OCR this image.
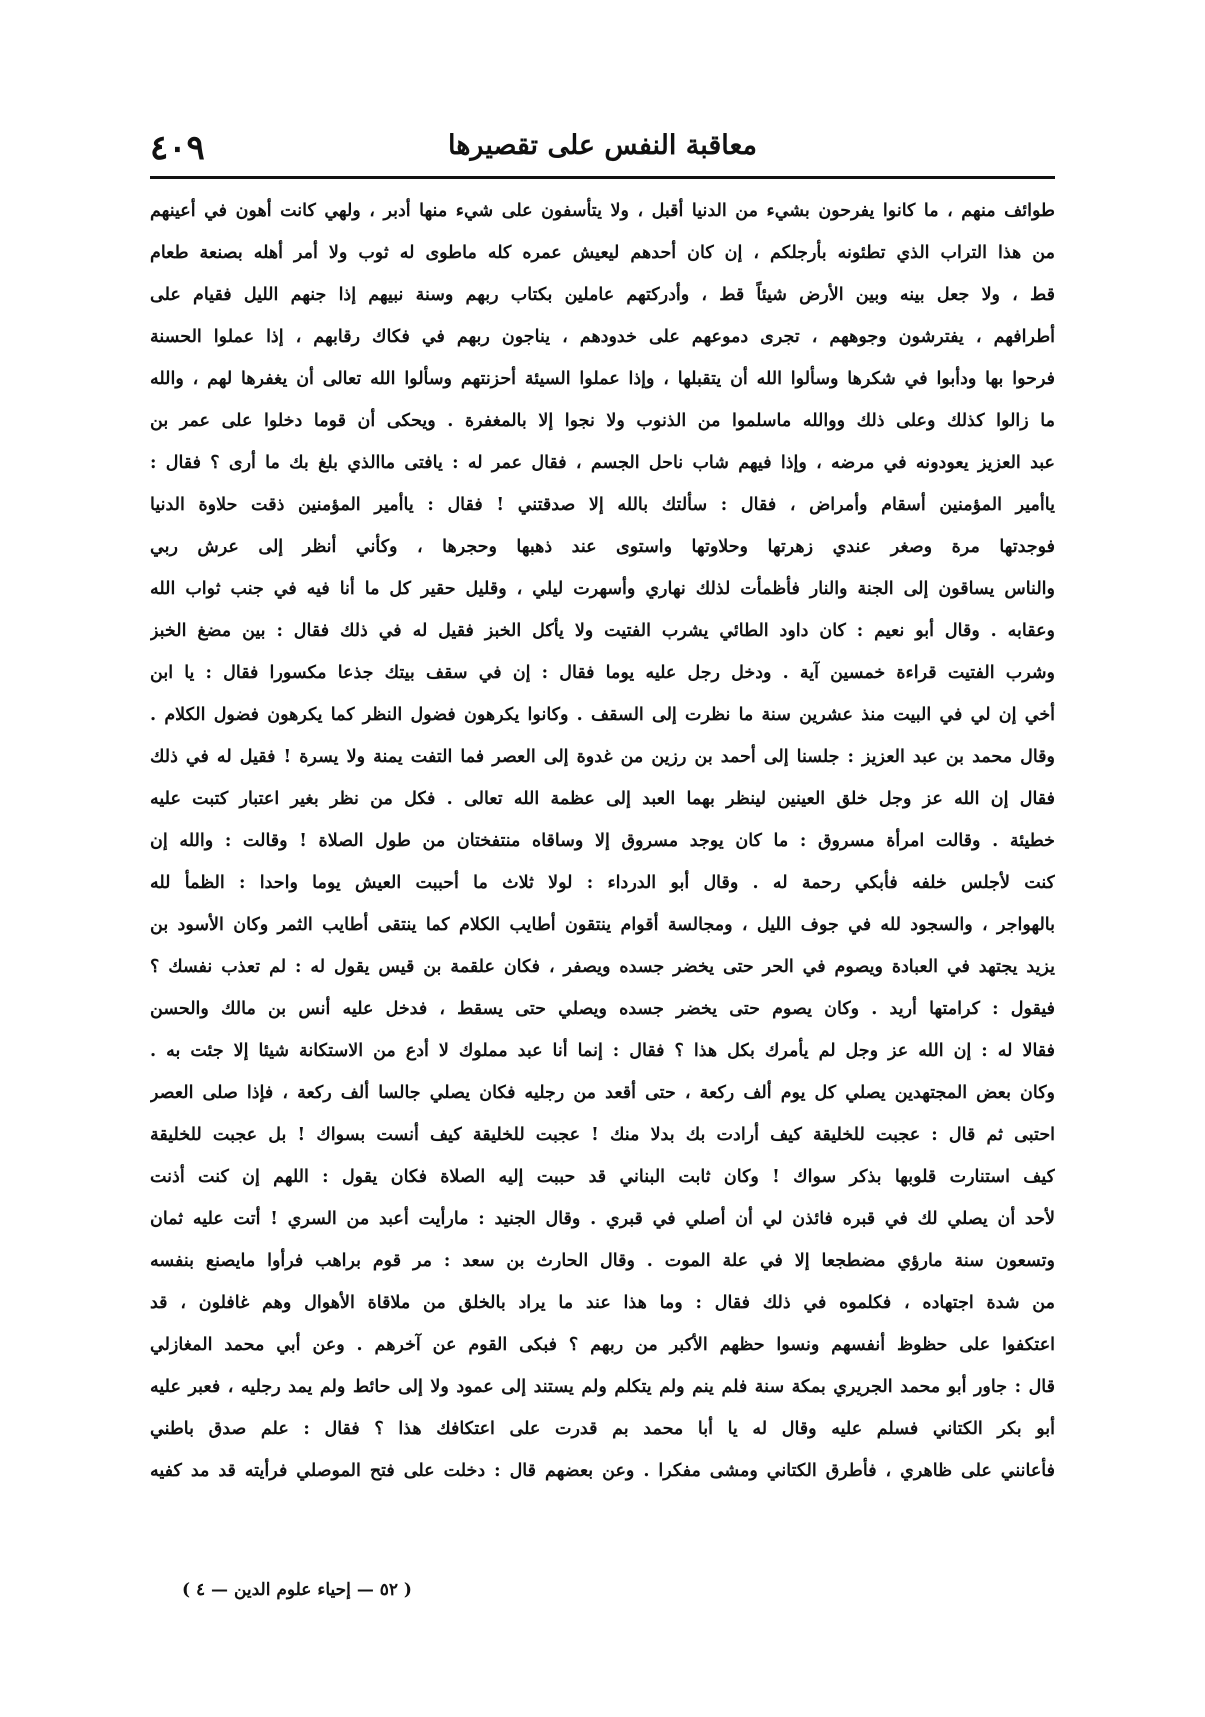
معاقبة النفس على تقصيرها
٤٠٩
طوائف منهم ، ما كانوا يفرحون بشيء من الدنيا أقبل ، ولا يتأسفون على شيء منها أدبر ، ولهي كانت أهون في أعينهم
من هذا التراب الذي تطئونه بأرجلكم ، إن كان أحدهم ليعيش عمره كله ماطوى له ثوب ولا أمر أهله بصنعة طعام
قط ، ولا جعل بينه وبين الأرض شيئاً قط ، وأدركتهم عاملين بكتاب ربهم وسنة نبيهم إذا جنهم الليل فقيام على
أطرافهم ، يفترشون وجوههم ، تجرى دموعهم على خدودهم ، يناجون ربهم في فكاك رقابهم ، إذا عملوا الحسنة
فرحوا بها ودأبوا في شكرها وسألوا الله أن يتقبلها ، وإذا عملوا السيئة أحزنتهم وسألوا الله تعالى أن يغفرها لهم ، والله
ما زالوا كذلك وعلى ذلك ووالله ماسلموا من الذنوب ولا نجوا إلا بالمغفرة . ويحكى أن قوما دخلوا على عمر بن
عبد العزيز يعودونه في مرضه ، وإذا فيهم شاب ناحل الجسم ، فقال عمر له : يافتى ماالذي بلغ بك ما أرى ؟ فقال :
ياأمير المؤمنين أسقام وأمراض ، فقال : سألتك بالله إلا صدقتني ! فقال : ياأمير المؤمنين ذقت حلاوة الدنيا
فوجدتها مرة وصغر عندي زهرتها وحلاوتها واستوى عند ذهبها وحجرها ، وكأني أنظر إلى عرش ربي
والناس يساقون إلى الجنة والنار فأظمأت لذلك نهاري وأسهرت ليلي ، وقليل حقير كل ما أنا فيه في جنب ثواب الله
وعقابه . وقال أبو نعيم : كان داود الطائي يشرب الفتيت ولا يأكل الخبز فقيل له في ذلك فقال : بين مضغ الخبز
وشرب الفتيت قراءة خمسين آية . ودخل رجل عليه يوما فقال : إن في سقف بيتك جذعا مكسورا فقال : يا ابن
أخي إن لي في البيت منذ عشرين سنة ما نظرت إلى السقف . وكانوا يكرهون فضول النظر كما يكرهون فضول الكلام .
وقال محمد بن عبد العزيز : جلسنا إلى أحمد بن رزين من غدوة إلى العصر فما التفت يمنة ولا يسرة ! فقيل له في ذلك
فقال إن الله عز وجل خلق العينين لينظر بهما العبد إلى عظمة الله تعالى . فكل من نظر بغير اعتبار كتبت عليه
خطيئة . وقالت امرأة مسروق : ما كان يوجد مسروق إلا وساقاه منتفختان من طول الصلاة ! وقالت : والله إن
كنت لأجلس خلفه فأبكي رحمة له . وقال أبو الدرداء : لولا ثلاث ما أحببت العيش يوما واحدا : الظمأ لله
بالهواجر ، والسجود لله في جوف الليل ، ومجالسة أقوام ينتقون أطايب الكلام كما ينتقى أطايب الثمر وكان الأسود بن
يزيد يجتهد في العبادة ويصوم في الحر حتى يخضر جسده ويصفر ، فكان علقمة بن قيس يقول له : لم تعذب نفسك ؟
فيقول : كرامتها أريد . وكان يصوم حتى يخضر جسده ويصلي حتى يسقط ، فدخل عليه أنس بن مالك والحسن
فقالا له : إن الله عز وجل لم يأمرك بكل هذا ؟ فقال : إنما أنا عبد مملوك لا أدع من الاستكانة شيئا إلا جئت به .
وكان بعض المجتهدين يصلي كل يوم ألف ركعة ، حتى أقعد من رجليه فكان يصلي جالسا ألف ركعة ، فإذا صلى العصر
احتبى ثم قال : عجبت للخليقة كيف أرادت بك بدلا منك ! عجبت للخليقة كيف أنست بسواك ! بل عجبت للخليقة
كيف استنارت قلوبها بذكر سواك ! وكان ثابت البناني قد حببت إليه الصلاة فكان يقول : اللهم إن كنت أذنت
لأحد أن يصلي لك في قبره فائذن لي أن أصلي في قبري . وقال الجنيد : مارأيت أعبد من السري ! أتت عليه ثمان
وتسعون سنة مارؤي مضطجعا إلا في علة الموت . وقال الحارث بن سعد : مر قوم براهب فرأوا مايصنع بنفسه
من شدة اجتهاده ، فكلموه في ذلك فقال : وما هذا عند ما يراد بالخلق من ملاقاة الأهوال وهم غافلون ، قد
اعتكفوا على حظوظ أنفسهم ونسوا حظهم الأكبر من ربهم ؟ فبكى القوم عن آخرهم . وعن أبي محمد المغازلي
قال : جاور أبو محمد الجريري بمكة سنة فلم ينم ولم يتكلم ولم يستند إلى عمود ولا إلى حائط ولم يمد رجليه ، فعبر عليه
أبو بكر الكتاني فسلم عليه وقال له يا أبا محمد بم قدرت على اعتكافك هذا ؟ فقال : علم صدق باطني
فأعانني على ظاهري ، فأطرق الكتاني ومشى مفكرا . وعن بعضهم قال : دخلت على فتح الموصلي فرأيته قد مد كفيه
( ٥٢ — إحياء علوم الدين — ٤ )
